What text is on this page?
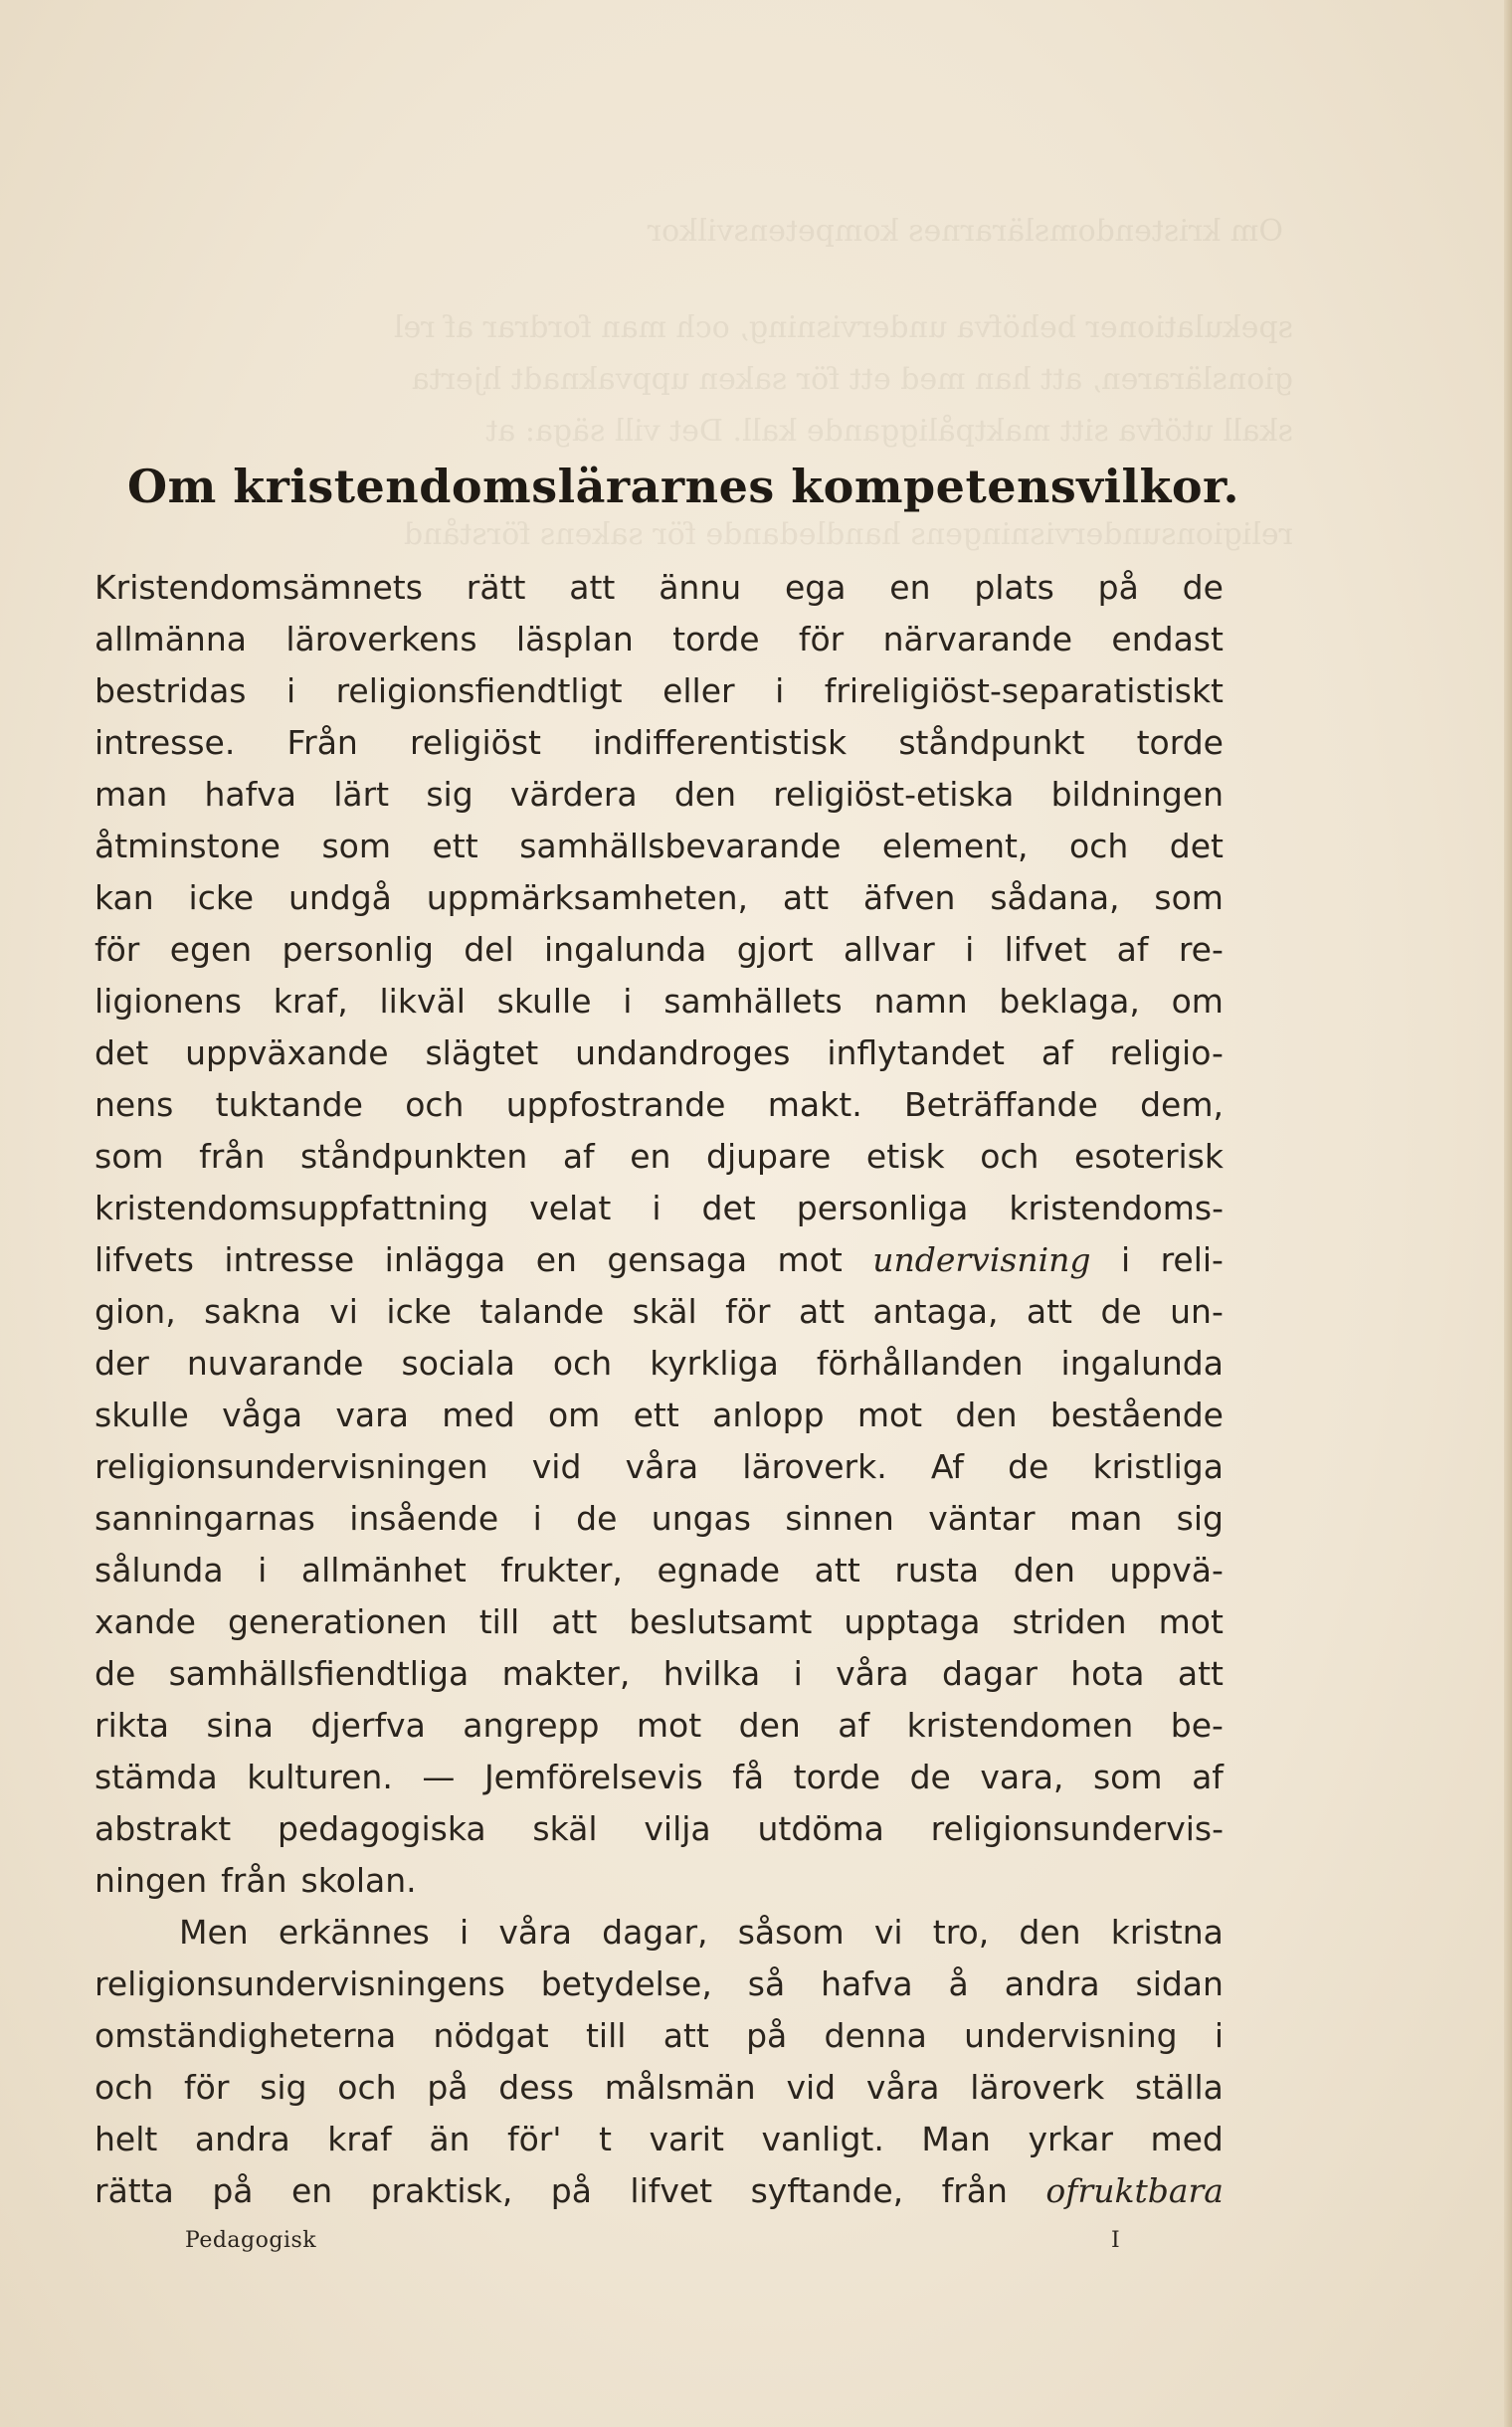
Om kristendomslärarnes kompetensvilkor
spekulationer behöfva undervisning, och man fordrar af rel
gionsläraren, att han med ett för saken uppvaknadt hjerta
skall utöfva sitt maktpåliggande kall. Det vill säga: at
religionsundervisningens handledande för sakens förstånd
Om kristendomslärarnes kompetensvilkor.
Kristendomsämnets rätt att ännu ega en plats på de
allmänna läroverkens läsplan torde för närvarande endast
bestridas i religionsfiendtligt eller i frireligiöst-separatistiskt
intresse. Från religiöst indifferentistisk ståndpunkt torde
man hafva lärt sig värdera den religiöst-etiska bildningen
åtminstone som ett samhällsbevarande element, och det
kan icke undgå uppmärksamheten, att äfven sådana, som
för egen personlig del ingalunda gjort allvar i lifvet af re-
ligionens kraf, likväl skulle i samhällets namn beklaga, om
det uppväxande slägtet undandroges inflytandet af religio-
nens tuktande och uppfostrande makt. Beträffande dem,
som från ståndpunkten af en djupare etisk och esoterisk
kristendomsuppfattning velat i det personliga kristendoms-
lifvets intresse inlägga en gensaga mot undervisning i reli-
gion, sakna vi icke talande skäl för att antaga, att de un-
der nuvarande sociala och kyrkliga förhållanden ingalunda
skulle våga vara med om ett anlopp mot den bestående
religionsundervisningen vid våra läroverk. Af de kristliga
sanningarnas insående i de ungas sinnen väntar man sig
sålunda i allmänhet frukter, egnade att rusta den uppvä-
xande generationen till att beslutsamt upptaga striden mot
de samhällsfiendtliga makter, hvilka i våra dagar hota att
rikta sina djerfva angrepp mot den af kristendomen be-
stämda kulturen. — Jemförelsevis få torde de vara, som af
abstrakt pedagogiska skäl vilja utdöma religionsundervis-
ningen från skolan.
Men erkännes i våra dagar, såsom vi tro, den kristna
religionsundervisningens betydelse, så hafva å andra sidan
omständigheterna nödgat till att på denna undervisning i
och för sig och på dess målsmän vid våra läroverk ställa
helt andra kraf än för' t varit vanligt. Man yrkar med
rätta på en praktisk, på lifvet syftande, från ofruktbara
Pedagogisk	I
